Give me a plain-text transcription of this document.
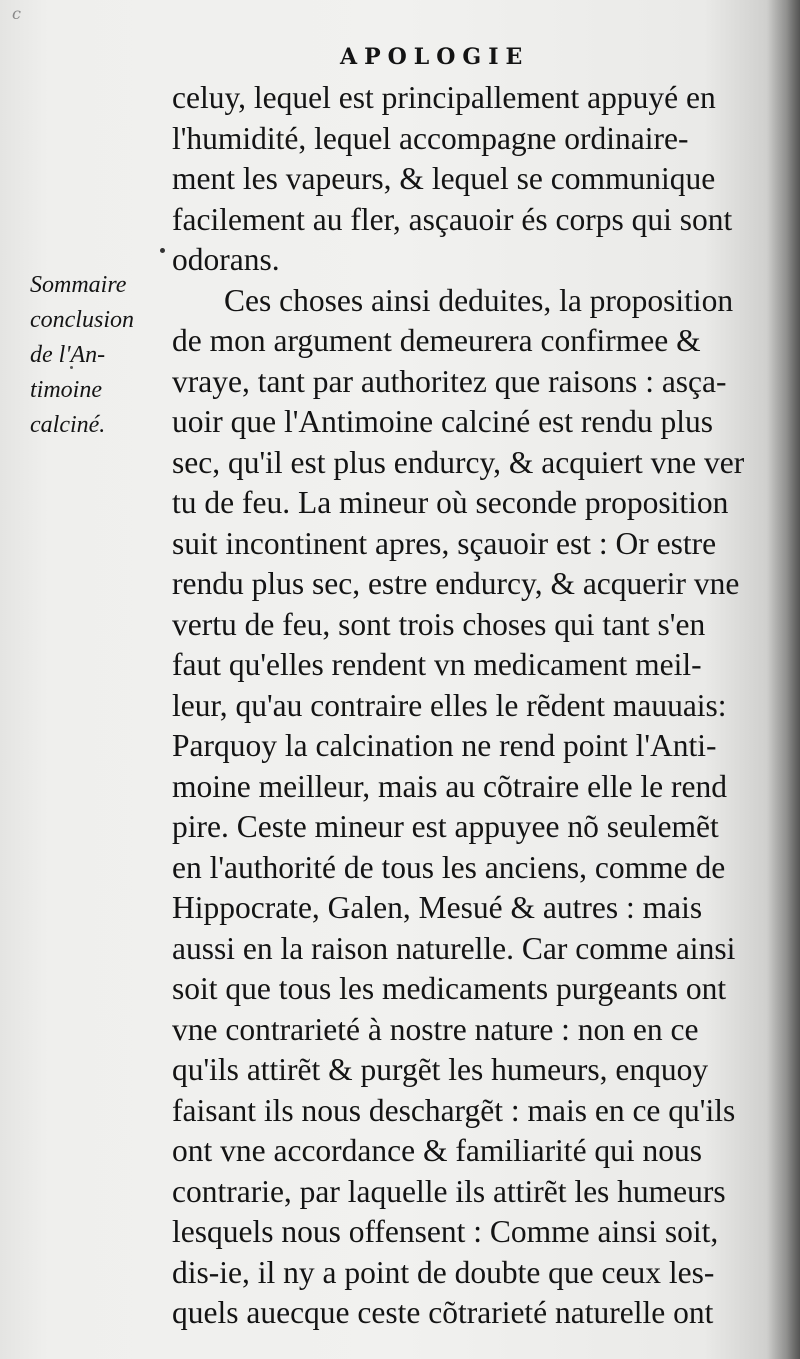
c
APOLOGIE
Sommaire
conclusion
de l'An-
timoine
calciné.
celuy, lequel est principallement appuyé en
l'humidité, lequel accompagne ordinaire-
ment les vapeurs, & lequel se communique
facilement au fler, asçauoir és corps qui sont
odorans.
Ces choses ainsi deduites, la proposition
de mon argument demeurera confirmee &
vraye, tant par authoritez que raisons : asça-
uoir que l'Antimoine calciné est rendu plus
sec, qu'il est plus endurcy, & acquiert vne ver
tu de feu. La mineur où seconde proposition
suit incontinent apres, sçauoir est : Or estre
rendu plus sec, estre endurcy, & acquerir vne
vertu de feu, sont trois choses qui tant s'en
faut qu'elles rendent vn medicament meil-
leur, qu'au contraire elles le rẽdent mauuais:
Parquoy la calcination ne rend point l'Anti-
moine meilleur, mais au cõtraire elle le rend
pire. Ceste mineur est appuyee nõ seulemẽt
en l'authorité de tous les anciens, comme de
Hippocrate, Galen, Mesué & autres : mais
aussi en la raison naturelle. Car comme ainsi
soit que tous les medicaments purgeants ont
vne contrarieté à nostre nature : non en ce
qu'ils attirẽt & purgẽt les humeurs, enquoy
faisant ils nous deschargẽt : mais en ce qu'ils
ont vne accordance & familiarité qui nous
contrarie, par laquelle ils attirẽt les humeurs
lesquels nous offensent : Comme ainsi soit,
dis-ie, il ny a point de doubte que ceux les-
quels auecque ceste cõtrarieté naturelle ont
